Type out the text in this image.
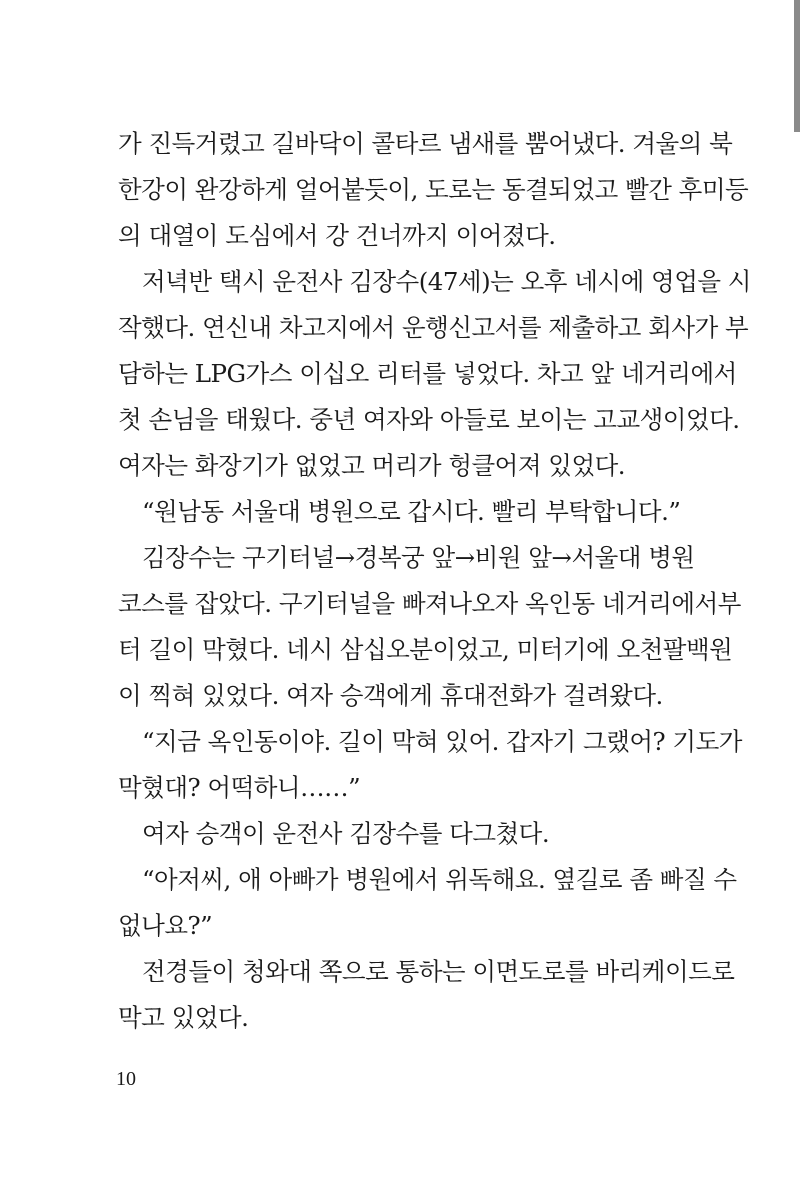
가 진득거렸고 길바닥이 콜타르 냄새를 뿜어냈다. 겨울의 북
한강이 완강하게 얼어붙듯이, 도로는 동결되었고 빨간 후미등
의 대열이 도심에서 강 건너까지 이어졌다.
저녁반 택시 운전사 김장수(47세)는 오후 네시에 영업을 시
작했다. 연신내 차고지에서 운행신고서를 제출하고 회사가 부
담하는 LPG가스 이십오 리터를 넣었다. 차고 앞 네거리에서
첫 손님을 태웠다. 중년 여자와 아들로 보이는 고교생이었다.
여자는 화장기가 없었고 머리가 헝클어져 있었다.
“원남동 서울대 병원으로 갑시다. 빨리 부탁합니다.”
김장수는 구기터널→경복궁 앞→비원 앞→서울대 병원
코스를 잡았다. 구기터널을 빠져나오자 옥인동 네거리에서부
터 길이 막혔다. 네시 삼십오분이었고, 미터기에 오천팔백원
이 찍혀 있었다. 여자 승객에게 휴대전화가 걸려왔다.
“지금 옥인동이야. 길이 막혀 있어. 갑자기 그랬어? 기도가
막혔대? 어떡하니……”
여자 승객이 운전사 김장수를 다그쳤다.
“아저씨, 애 아빠가 병원에서 위독해요. 옆길로 좀 빠질 수
없나요?”
전경들이 청와대 쪽으로 통하는 이면도로를 바리케이드로
막고 있었다.
10
